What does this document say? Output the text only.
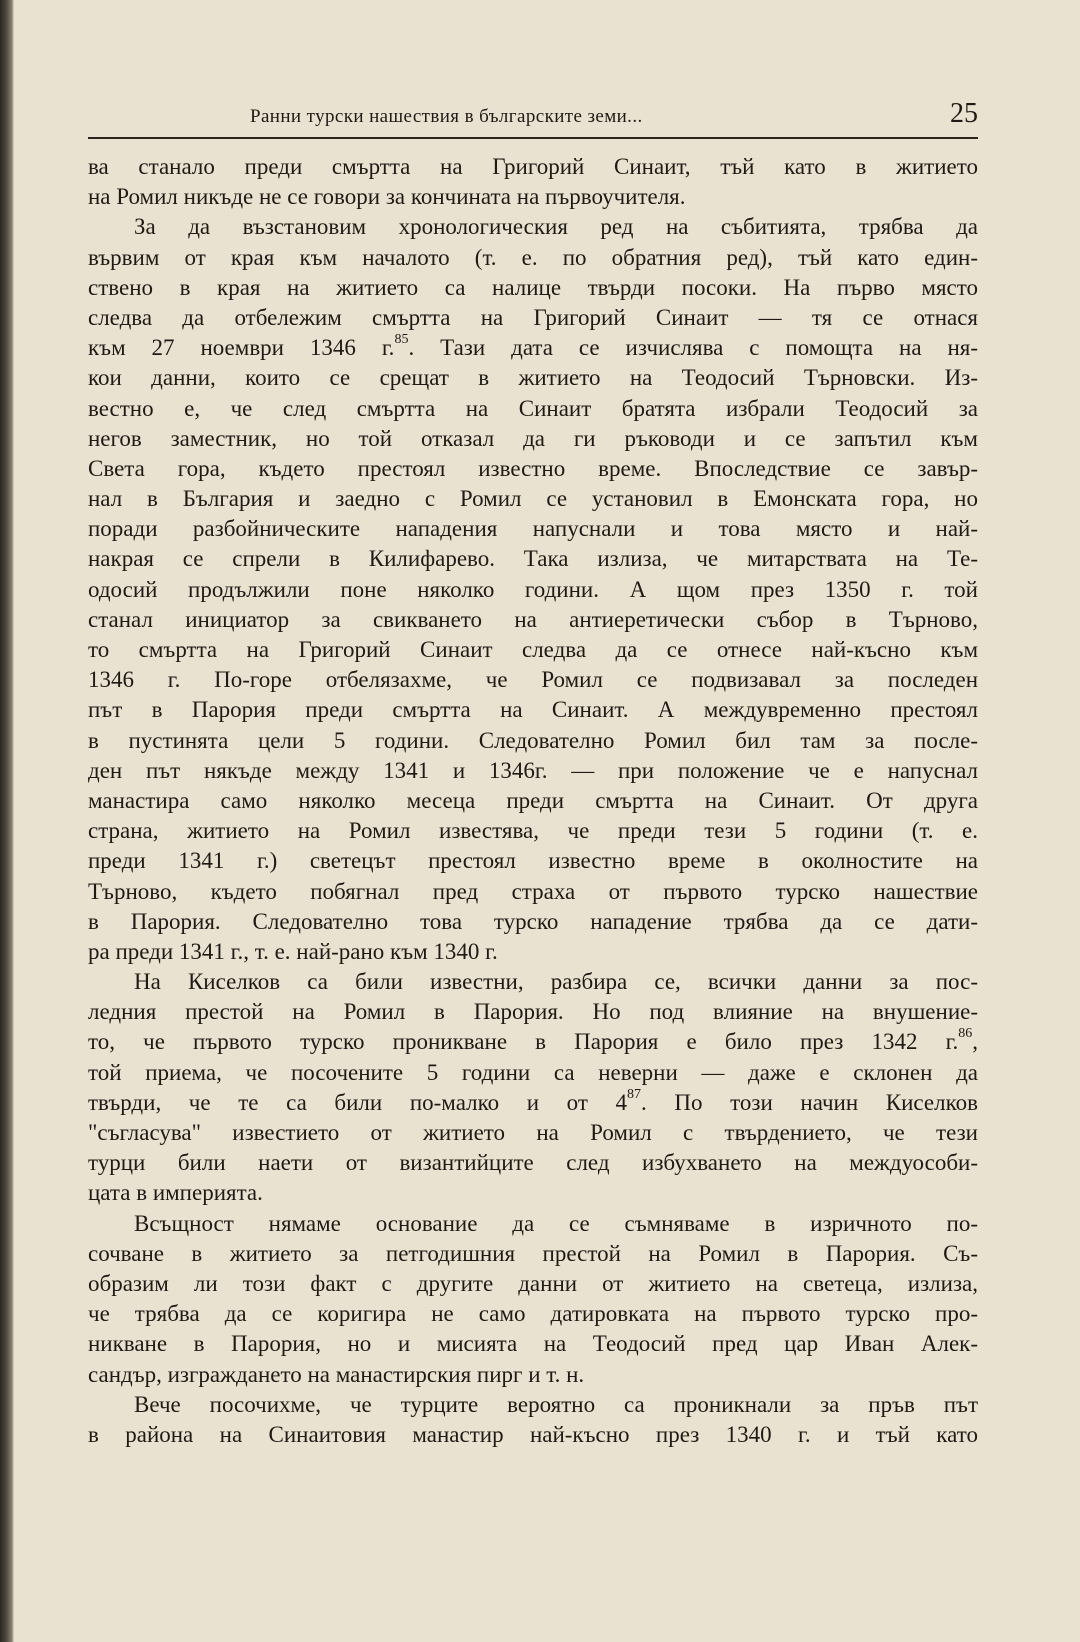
Ранни турски нашествия в българските земи...	25
ва станало преди смъртта на Григорий Синаит, тъй като в житието
на Ромил никъде не се говори за кончината на първоучителя.
За да възстановим хронологическия ред на събитията, трябва да
вървим от края към началото (т. е. по обратния ред), тъй като един-
ствено в края на житието са налице твърди посоки. На първо място
следва да отбележим смъртта на Григорий Синаит — тя се отнася
към 27 ноември 1346 г.$^{85}$. Тази дата се изчислява с помощта на ня-
кои данни, които се срещат в житието на Теодосий Търновски. Из-
вестно е, че след смъртта на Синаит братята избрали Теодосий за
негов заместник, но той отказал да ги ръководи и се запътил към
Света гора, където престоял известно време. Впоследствие се завър-
нал в България и заедно с Ромил се установил в Емонската гора, но
поради разбойническите нападения напуснали и това място и най-
накрая се спрели в Килифарево. Така излиза, че митарствата на Те-
одосий продължили поне няколко години. А щом през 1350 г. той
станал инициатор за свикването на антиеретически събор в Търново,
то смъртта на Григорий Синаит следва да се отнесе най-късно към
1346 г. По-горе отбелязахме, че Ромил се подвизавал за последен
път в Парория преди смъртта на Синаит. А междувременно престоял
в пустинята цели 5 години. Следователно Ромил бил там за после-
ден път някъде между 1341 и 1346г. — при положение че е напуснал
манастира само няколко месеца преди смъртта на Синаит. От друга
страна, житието на Ромил известява, че преди тези 5 години (т. е.
преди 1341 г.) светецът престоял известно време в околностите на
Търново, където побягнал пред страха от първото турско нашествие
в Парория. Следователно това турско нападение трябва да се дати-
ра преди 1341 г., т. е. най-рано към 1340 г.
На Киселков са били известни, разбира се, всички данни за пос-
ледния престой на Ромил в Парория. Но под влияние на внушение-
то, че първото турско проникване в Парория е било през 1342 г.$^{86}$,
той приема, че посочените 5 години са неверни — даже е склонен да
твърди, че те са били по-малко и от $4^{87}$. По този начин Киселков
"съгласува" известието от житието на Ромил с твърдението, че тези
турци били наети от византийците след избухването на междуособи-
цата в империята.
Всъщност нямаме основание да се съмняваме в изричното по-
сочване в житието за петгодишния престой на Ромил в Парория. Съ-
образим ли този факт с другите данни от житието на светеца, излиза,
че трябва да се коригира не само датировката на първото турско про-
никване в Парория, но и мисията на Теодосий пред цар Иван Алек-
сандър, изграждането на манастирския пирг и т. н.
Вече посочихме, че турците вероятно са проникнали за пръв път
в района на Синаитовия манастир най-късно през 1340 г. и тъй като
